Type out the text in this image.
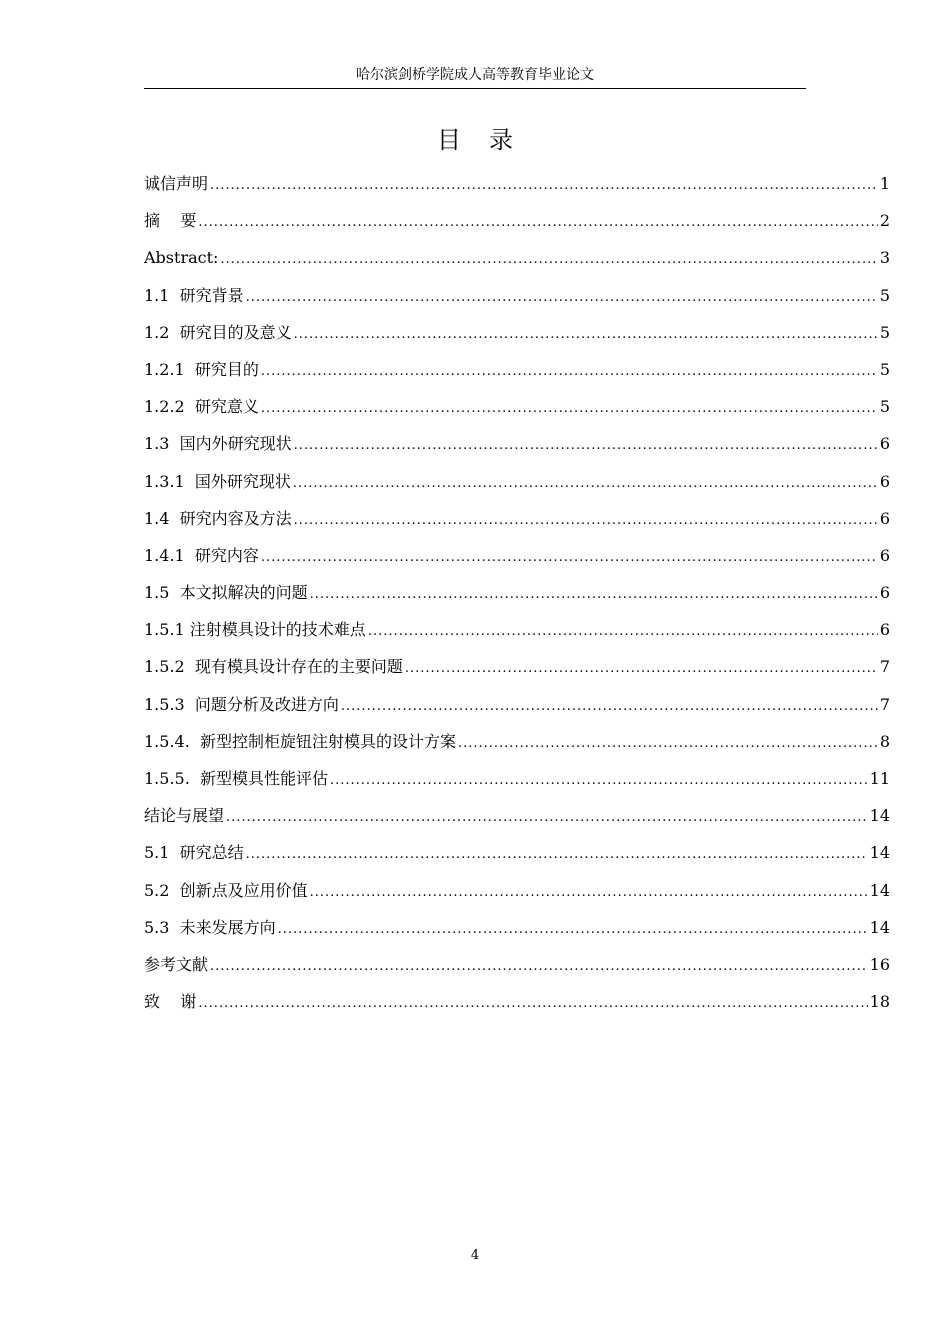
哈尔滨剑桥学院成人高等教育毕业论文
目录
诚信声明 .....	1
摘    要 .....	2
Abstract: .....	3
1.1  研究背景 .....	5
1.2  研究目的及意义 .....	5
1.2.1  研究目的 .....	5
1.2.2  研究意义 .....	5
1.3  国内外研究现状 .....	6
1.3.1  国外研究现状 .....	6
1.4  研究内容及方法 .....	6
1.4.1  研究内容 .....	6
1.5  本文拟解决的问题 .....	6
1.5.1 注射模具设计的技术难点 .....	6
1.5.2  现有模具设计存在的主要问题 .....	7
1.5.3  问题分析及改进方向 .....	7
1.5.4.  新型控制柜旋钮注射模具的设计方案 .....	8
1.5.5.  新型模具性能评估 .....	11
结论与展望 .....	14
5.1  研究总结 .....	14
5.2  创新点及应用价值 .....	14
5.3  未来发展方向 .....	14
参考文献 .....	16
致    谢 .....	18
4
